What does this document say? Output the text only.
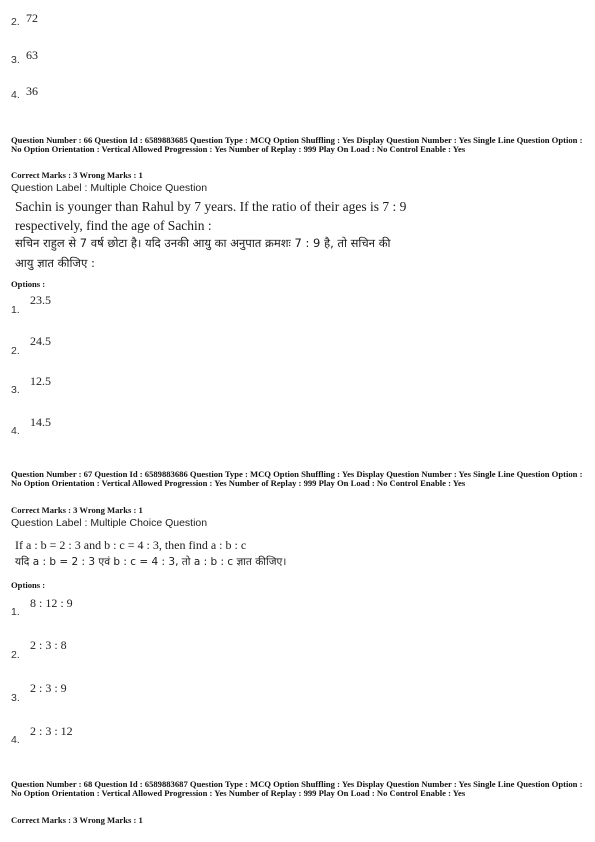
2. 72
3. 63
4. 36
Question Number : 66 Question Id : 6589883685 Question Type : MCQ Option Shuffling : Yes Display Question Number : Yes Single Line Question Option : No Option Orientation : Vertical Allowed Progression : Yes Number of Replay : 999 Play On Load : No Control Enable : Yes
Correct Marks : 3 Wrong Marks : 1
Question Label : Multiple Choice Question
Sachin is younger than Rahul by 7 years. If the ratio of their ages is 7 : 9
respectively, find the age of Sachin :
सचिन राहुल से 7 वर्ष छोटा है। यदि उनकी आयु का अनुपात क्रमशः 7 : 9 है, तो सचिन की
आयु ज्ञात कीजिए :
Options :
1.
23.5
2.
24.5
3.
12.5
4.
14.5
Question Number : 67 Question Id : 6589883686 Question Type : MCQ Option Shuffling : Yes Display Question Number : Yes Single Line Question Option : No Option Orientation : Vertical Allowed Progression : Yes Number of Replay : 999 Play On Load : No Control Enable : Yes
Correct Marks : 3 Wrong Marks : 1
Question Label : Multiple Choice Question
If a : b = 2 : 3 and b : c = 4 : 3, then find a : b : c
यदि a : b = 2 : 3 एवं b : c = 4 : 3, तो a : b : c ज्ञात कीजिए।
Options :
1.
8 : 12 : 9
2.
2 : 3 : 8
3.
2 : 3 : 9
4.
2 : 3 : 12
Question Number : 68 Question Id : 6589883687 Question Type : MCQ Option Shuffling : Yes Display Question Number : Yes Single Line Question Option : No Option Orientation : Vertical Allowed Progression : Yes Number of Replay : 999 Play On Load : No Control Enable : Yes
Correct Marks : 3 Wrong Marks : 1
